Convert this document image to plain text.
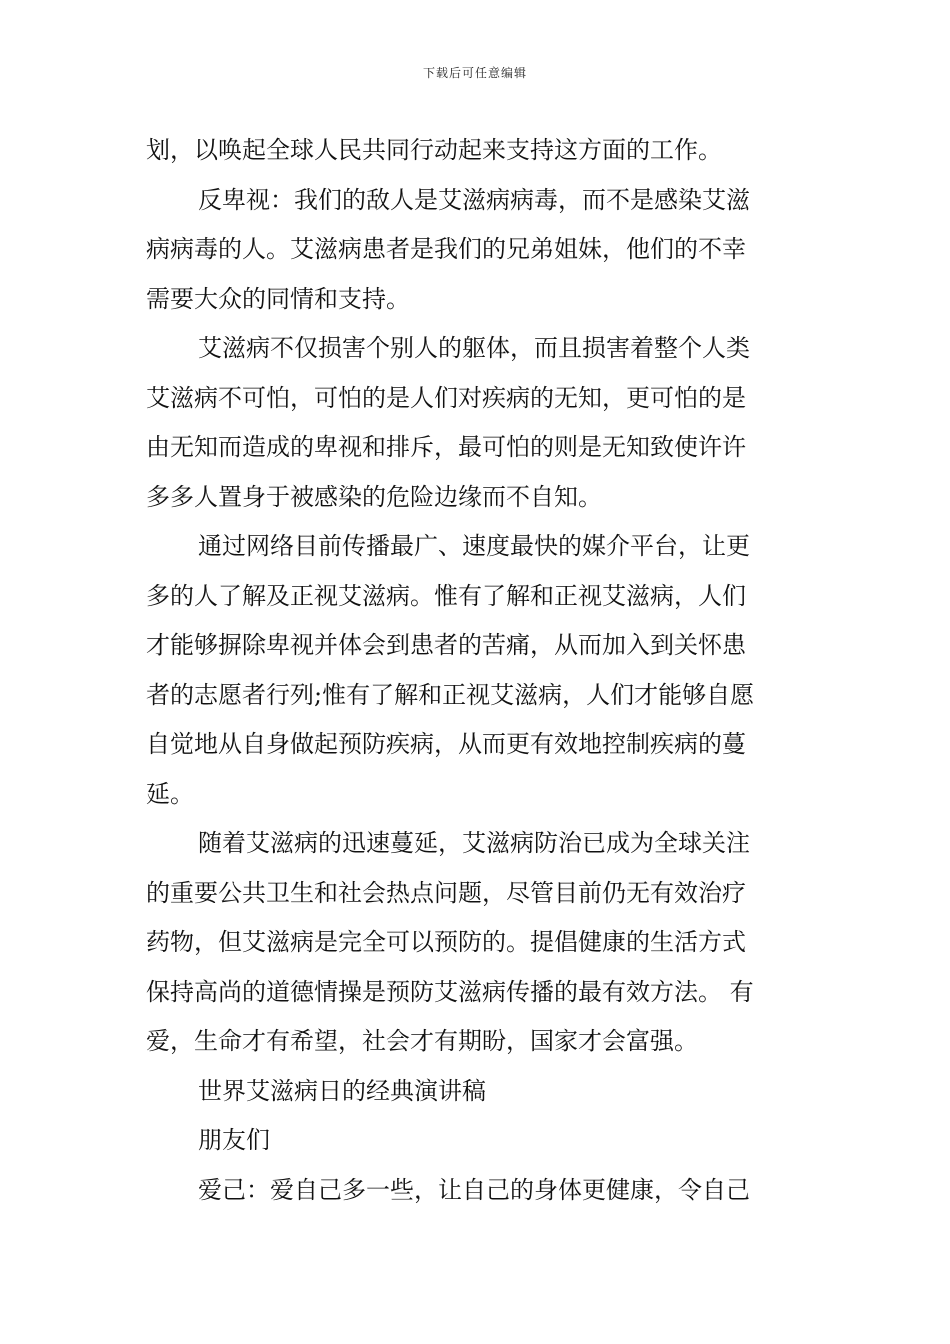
下载后可任意编辑
划，以唤起全球人民共同行动起来支持这方面的工作。
反卑视：我们的敌人是艾滋病病毒，而不是感染艾滋
病病毒的人。艾滋病患者是我们的兄弟姐妹，他们的不幸
需要大众的同情和支持。
艾滋病不仅损害个别人的躯体，而且损害着整个人类
艾滋病不可怕，可怕的是人们对疾病的无知，更可怕的是
由无知而造成的卑视和排斥，最可怕的则是无知致使许许
多多人置身于被感染的危险边缘而不自知。
通过网络目前传播最广、速度最快的媒介平台，让更
多的人了解及正视艾滋病。惟有了解和正视艾滋病，人们
才能够摒除卑视并体会到患者的苦痛，从而加入到关怀患
者的志愿者行列;惟有了解和正视艾滋病，人们才能够自愿
自觉地从自身做起预防疾病，从而更有效地控制疾病的蔓
延。
随着艾滋病的迅速蔓延，艾滋病防治已成为全球关注
的重要公共卫生和社会热点问题，尽管目前仍无有效治疗
药物，但艾滋病是完全可以预防的。提倡健康的生活方式
保持高尚的道德情操是预防艾滋病传播的最有效方法。 有
爱，生命才有希望，社会才有期盼，国家才会富强。
世界艾滋病日的经典演讲稿
朋友们
爱己：爱自己多一些，让自己的身体更健康，令自己
